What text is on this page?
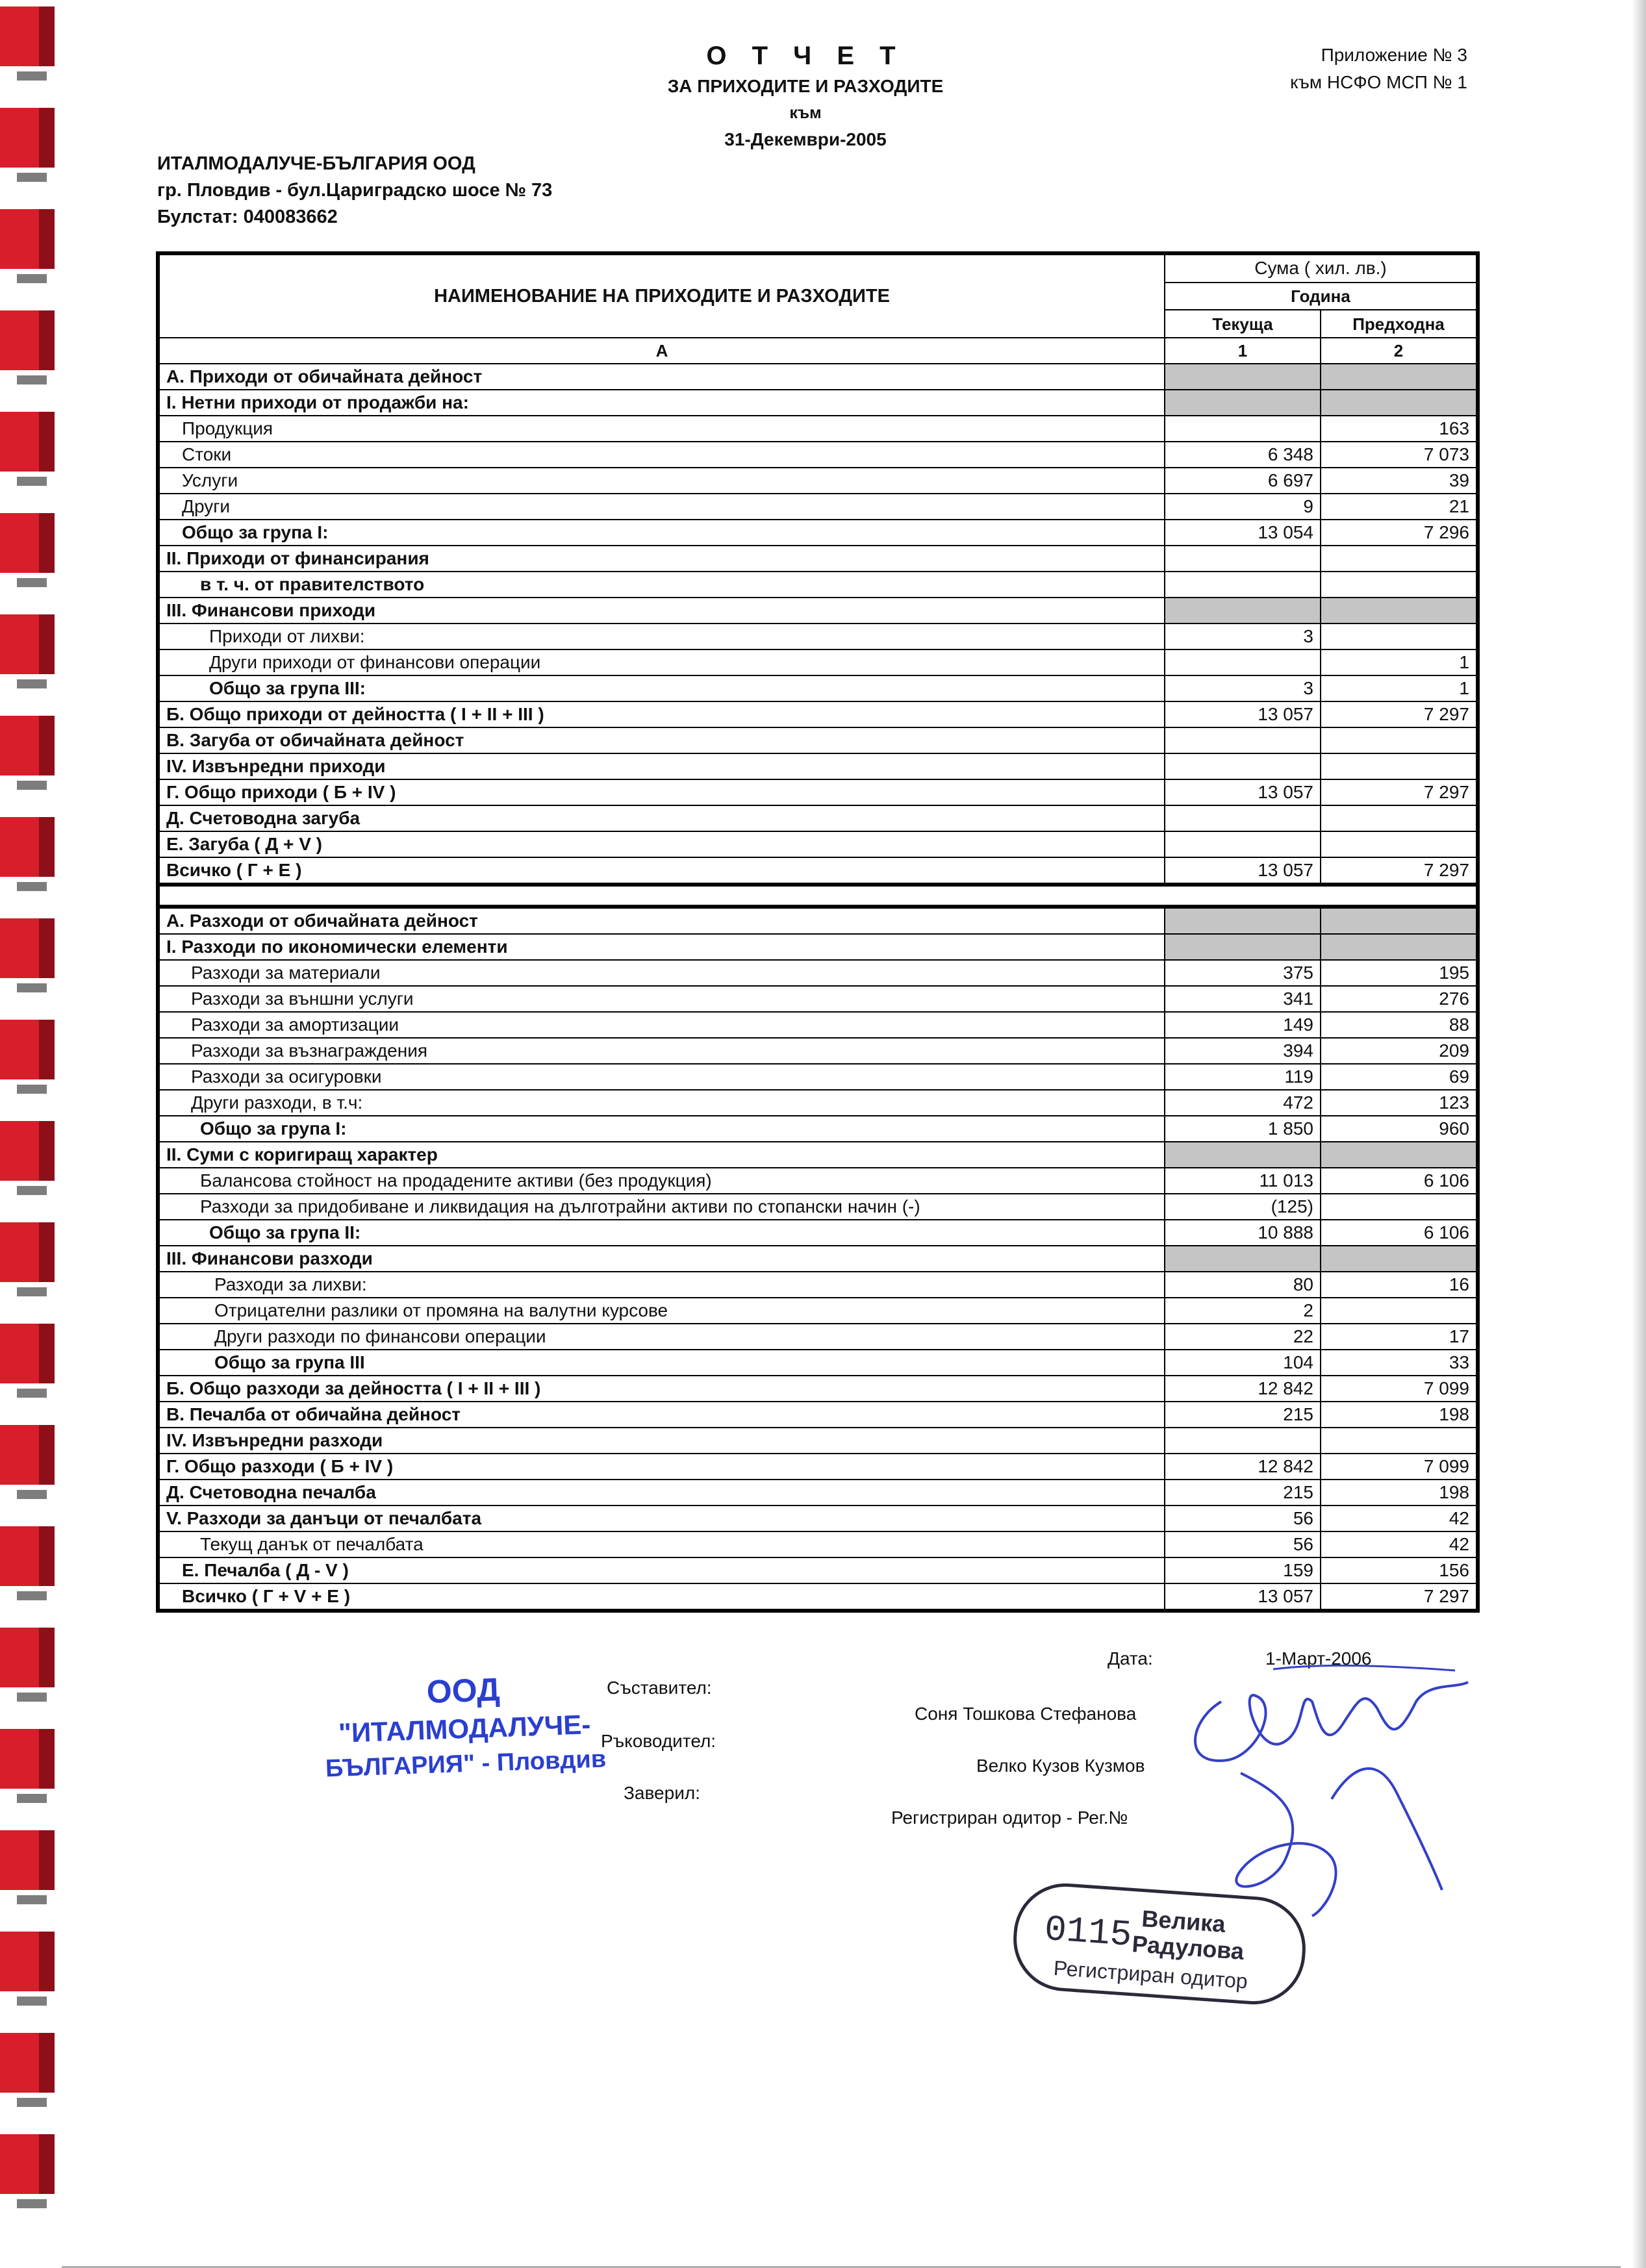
О Т Ч Е Т
ЗА ПРИХОДИТЕ И РАЗХОДИТЕ
към
31-Декември-2005
Приложение № 3
към НСФО МСП № 1
ИТАЛМОДАЛУЧЕ-БЪЛГАРИЯ ООД
гр. Пловдив - бул.Цариградско шосе № 73
Булстат: 040083662
НАИМЕНОВАНИЕ НА ПРИХОДИТЕ И РАЗХОДИТЕ	Сума ( хил. лв.)	
	Година	
	Текуща	Предходна
А	1	2
А. Приходи от обичайната дейност		
I. Нетни приходи от продажби на:		
Продукция		163
Стоки	6 348	7 073
Услуги	6 697	39
Други	9	21
Общо за група I:	13 054	7 296
II. Приходи от финансирания		
в т. ч. от правителството		
III. Финансови приходи		
Приходи от лихви:	3	
Други приходи от финансови операции		1
Общо за група III:	3	1
Б. Общо приходи от дейността ( I + II + III )	13 057	7 297
В. Загуба от обичайната дейност		
IV. Извънредни приходи		
Г. Общо приходи ( Б + IV )	13 057	7 297
Д. Счетоводна загуба		
Е. Загуба ( Д + V )		
Всичко ( Г + Е )	13 057	7 297

А. Разходи от обичайната дейност		
I. Разходи по икономически елементи		
Разходи за материали	375	195
Разходи за външни услуги	341	276
Разходи за амортизации	149	88
Разходи за възнаграждения	394	209
Разходи за осигуровки	119	69
Други разходи, в т.ч:	472	123
Общо за група I:	1 850	960
II. Суми с коригиращ характер		
Балансова стойност на продадените активи (без продукция)	11 013	6 106
Разходи за придобиване и ликвидация на дълготрайни активи по стопански начин (-)	(125)	
Общо за група II:	10 888	6 106
III. Финансови разходи		
Разходи за лихви:	80	16
Отрицателни разлики от промяна на валутни курсове	2	
Други разходи по финансови операции	22	17
Общо за група III	104	33
Б. Общо разходи за дейността ( I + II + III )	12 842	7 099
В. Печалба от обичайна дейност	215	198
IV. Извънредни разходи		
Г. Общо разходи ( Б + IV )	12 842	7 099
Д. Счетоводна печалба	215	198
V. Разходи за данъци от печалбата	56	42
Текущ данък от печалбата	56	42
Е. Печалба ( Д - V )	159	156
Всичко ( Г + V + Е )	13 057	7 297
Дата:	1-Март-2006
Съставител:
Соня Тошкова Стефанова
Ръководител:
Велко Кузов Кузмов
Заверил:
Регистриран одитор - Рег.№
ООД
"ИТАЛМОДАЛУЧЕ-
БЪЛГАРИЯ" - Пловдив
0115 Велика
Радулова
Регистриран одитор
